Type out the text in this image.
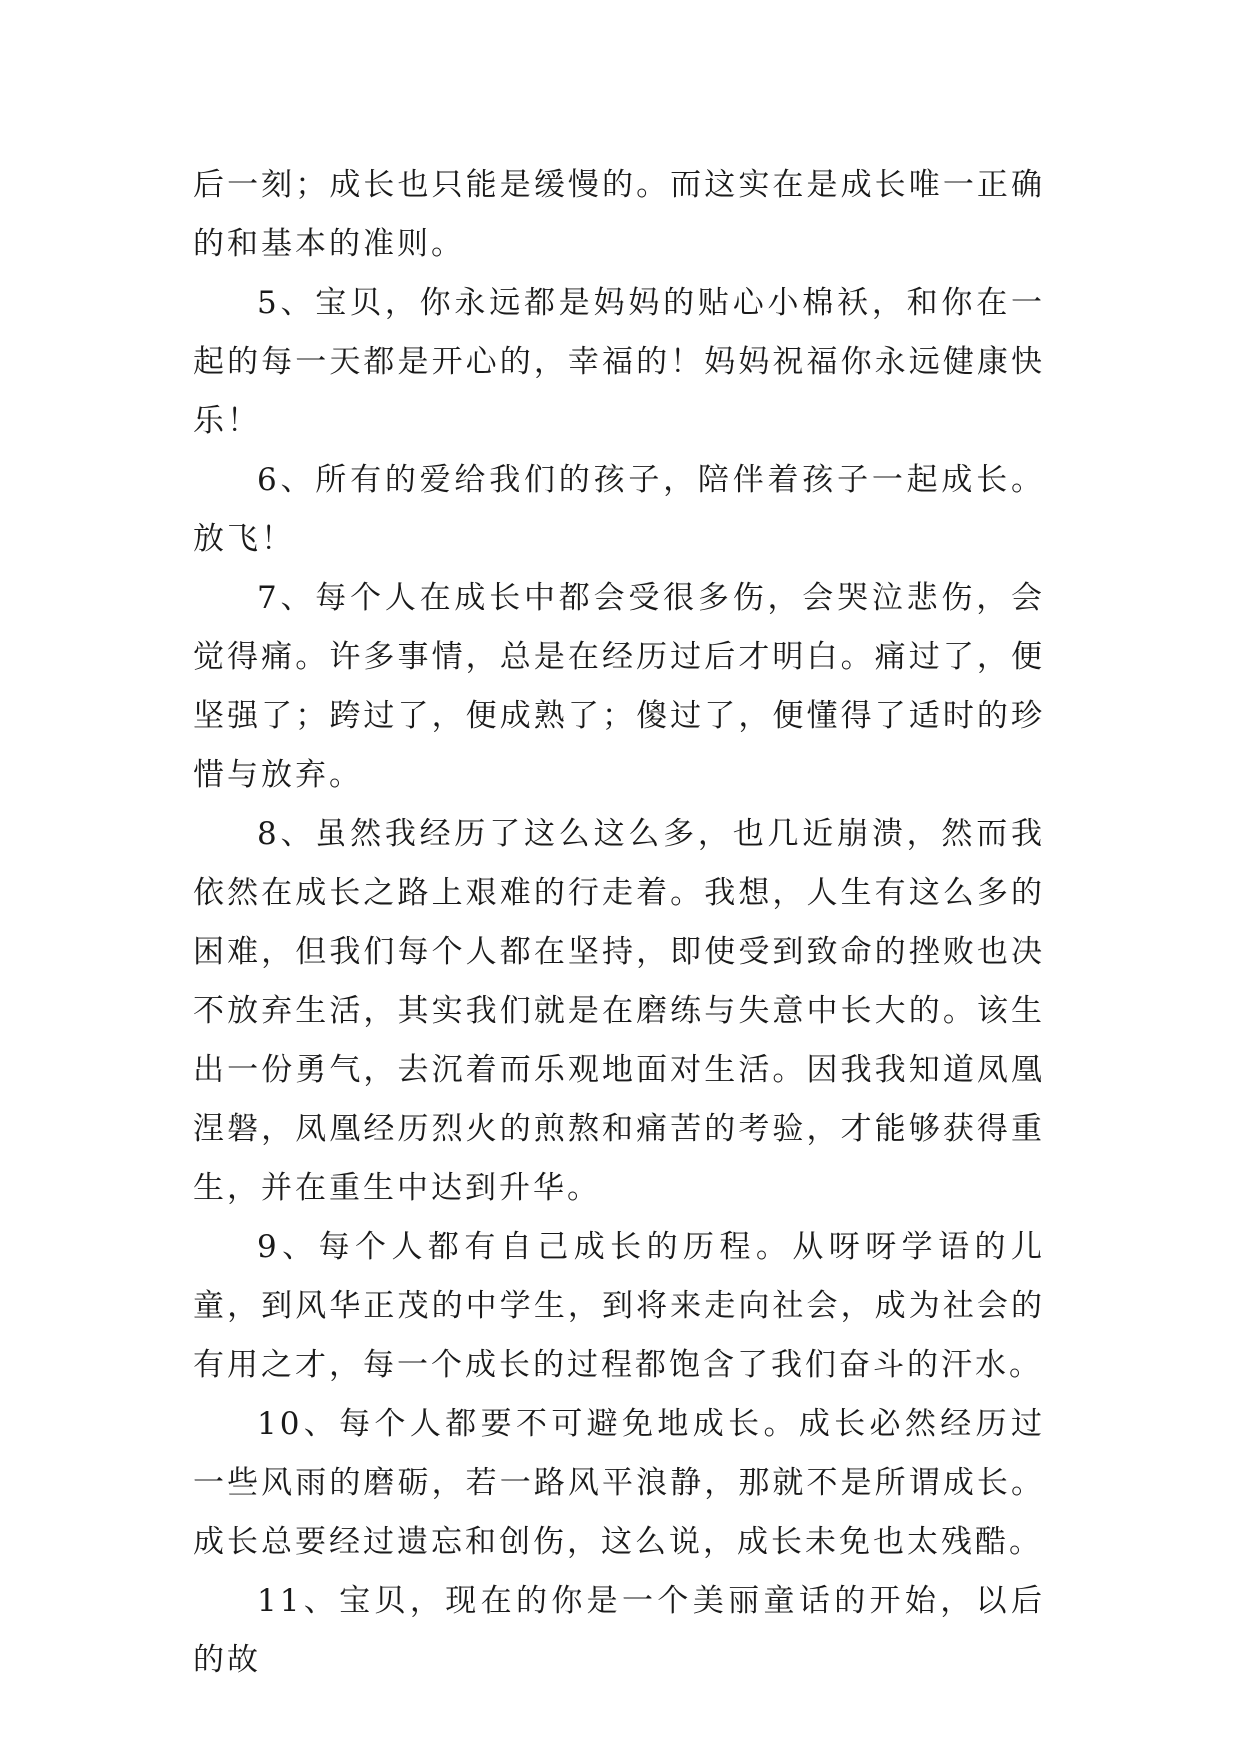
后一刻；成长也只能是缓慢的。而这实在是成长唯一正确的和基本的准则。

5、宝贝，你永远都是妈妈的贴心小棉袄，和你在一起的每一天都是开心的，幸福的！妈妈祝福你永远健康快乐！

6、所有的爱给我们的孩子，陪伴着孩子一起成长。放飞！

7、每个人在成长中都会受很多伤，会哭泣悲伤，会觉得痛。许多事情，总是在经历过后才明白。痛过了，便坚强了；跨过了，便成熟了；傻过了，便懂得了适时的珍惜与放弃。

8、虽然我经历了这么这么多，也几近崩溃，然而我依然在成长之路上艰难的行走着。我想，人生有这么多的困难，但我们每个人都在坚持，即使受到致命的挫败也决不放弃生活，其实我们就是在磨练与失意中长大的。该生出一份勇气，去沉着而乐观地面对生活。因我我知道凤凰涅磐，凤凰经历烈火的煎熬和痛苦的考验，才能够获得重生，并在重生中达到升华。

9、每个人都有自己成长的历程。从呀呀学语的儿童，到风华正茂的中学生，到将来走向社会，成为社会的有用之才，每一个成长的过程都饱含了我们奋斗的汗水。

10、每个人都要不可避免地成长。成长必然经历过一些风雨的磨砺，若一路风平浪静，那就不是所谓成长。成长总要经过遗忘和创伤，这么说，成长未免也太残酷。

11、宝贝，现在的你是一个美丽童话的开始，以后的故
